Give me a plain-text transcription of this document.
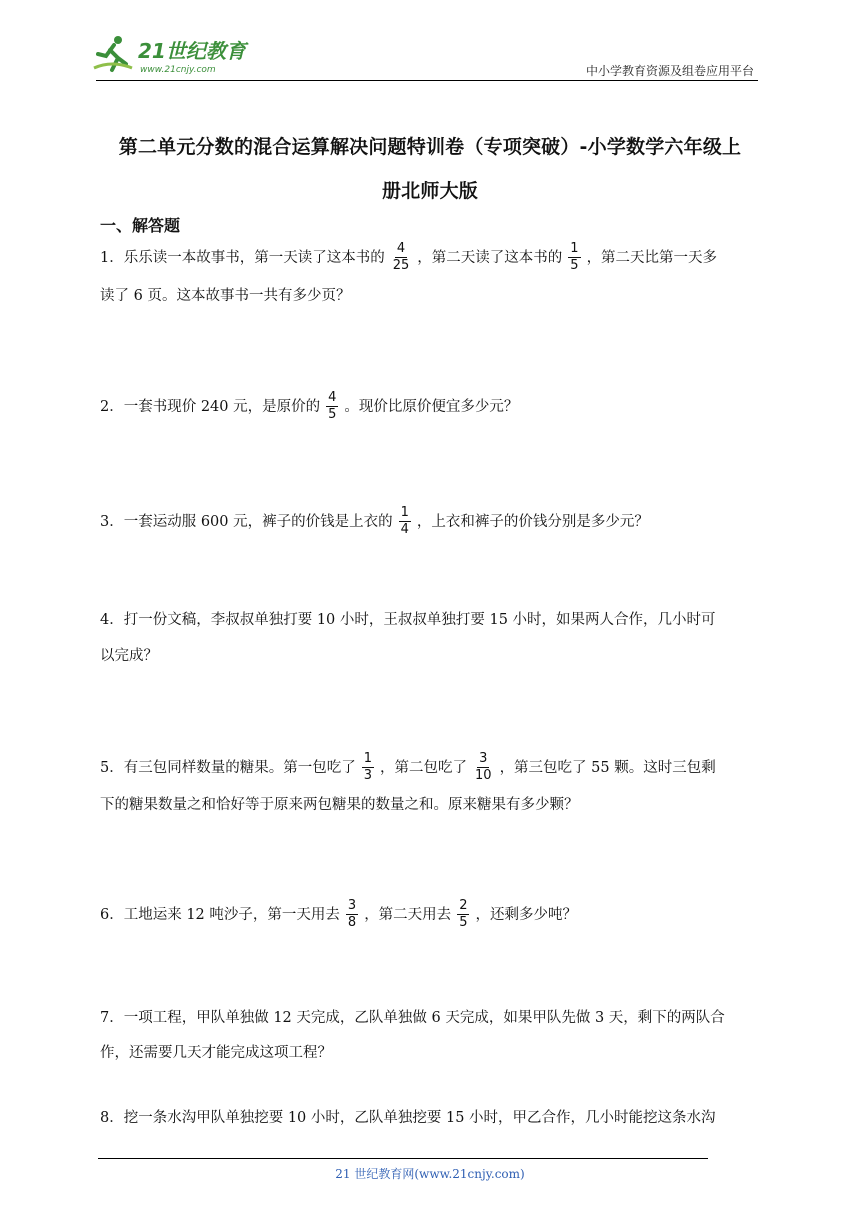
21世纪教育
www.21cnjy.com	中小学教育资源及组卷应用平台
第二单元分数的混合运算解决问题特训卷（专项突破）-小学数学六年级上
册北师大版
一、解答题
1．乐乐读一本故事书，第一天读了这本书的 $\frac{4}{25}$ ，第二天读了这本书的 $\frac{1}{5}$ ，第二天比第一天多
读了 6 页。这本故事书一共有多少页？
2．一套书现价 240 元，是原价的 $\frac{4}{5}$ 。现价比原价便宜多少元？
3．一套运动服 600 元，裤子的价钱是上衣的 $\frac{1}{4}$ ，上衣和裤子的价钱分别是多少元？
4．打一份文稿，李叔叔单独打要 10 小时，王叔叔单独打要 15 小时，如果两人合作，几小时可
以完成？
5．有三包同样数量的糖果。第一包吃了 $\frac{1}{3}$ ，第二包吃了 $\frac{3}{10}$ ，第三包吃了 55 颗。这时三包剩
下的糖果数量之和恰好等于原来两包糖果的数量之和。原来糖果有多少颗？
6．工地运来 12 吨沙子，第一天用去 $\frac{3}{8}$ ，第二天用去 $\frac{2}{5}$ ，还剩多少吨？
7．一项工程，甲队单独做 12 天完成，乙队单独做 6 天完成，如果甲队先做 3 天，剩下的两队合
作，还需要几天才能完成这项工程？
8．挖一条水沟甲队单独挖要 10 小时，乙队单独挖要 15 小时，甲乙合作，几小时能挖这条水沟
21 世纪教育网(www.21cnjy.com)
